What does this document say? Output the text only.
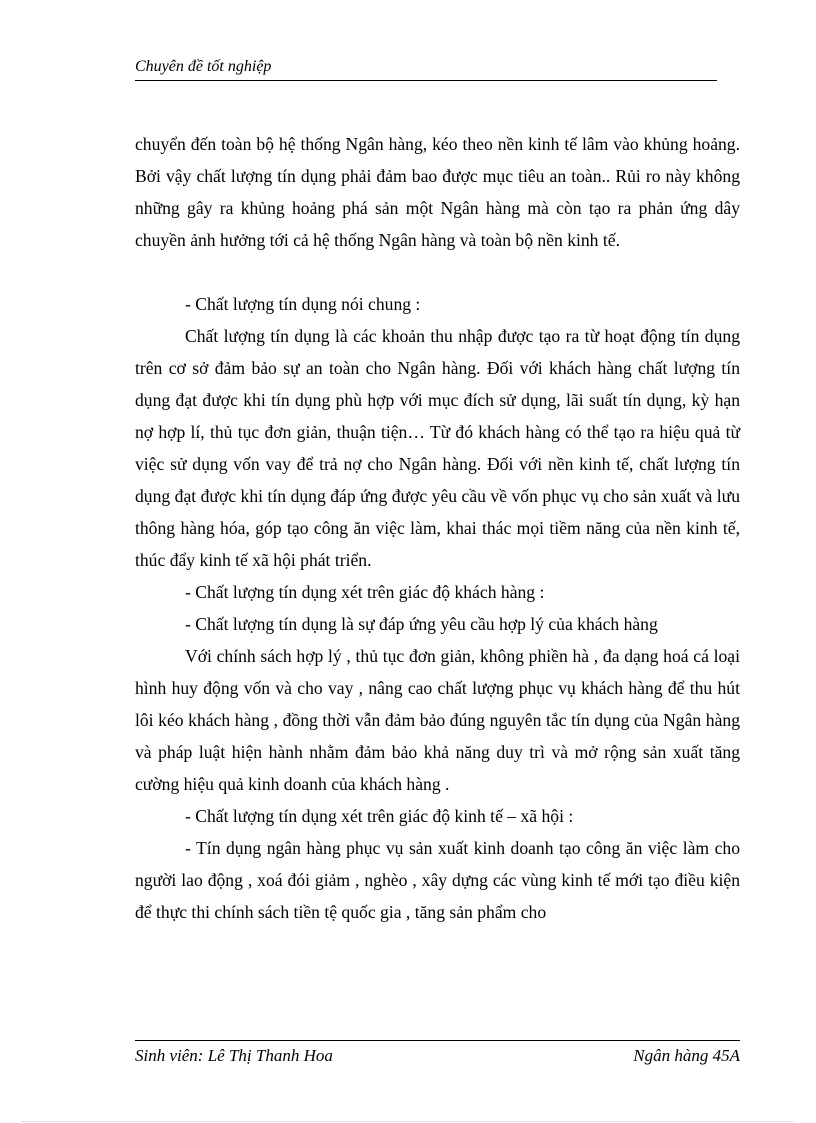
Chuyên đề tốt nghiệp

chuyển đến toàn bộ hệ thống Ngân hàng, kéo theo nền kinh tế lâm vào khủng hoảng. Bởi vậy chất lượng tín dụng phải đảm bao được mục tiêu an toàn.. Rủi ro này không những gây ra khủng hoảng phá sản một Ngân hàng mà còn tạo ra phản ứng dây chuyền ảnh hưởng tới cả hệ thống Ngân hàng và toàn bộ nền kinh tế.

- Chất lượng tín dụng nói chung :

Chất lượng tín dụng là các khoản thu nhập được tạo ra từ hoạt động tín dụng trên cơ sở đảm bảo sự an toàn cho Ngân hàng. Đối với khách hàng chất lượng tín dụng đạt được khi tín dụng phù hợp với mục đích sử dụng, lãi suất tín dụng, kỳ hạn nợ hợp lí, thủ tục đơn giản, thuận tiện… Từ đó khách hàng có thể tạo ra hiệu quả từ việc sử dụng vốn vay để trả nợ cho Ngân hàng. Đối với nền kinh tế, chất lượng tín dụng đạt được khi tín dụng đáp ứng được yêu cầu về vốn phục vụ cho sản xuất và lưu thông hàng hóa, góp tạo công ăn việc làm, khai thác mọi tiềm năng của nền kinh tế, thúc đẩy kinh tế xã hội phát triển.

- Chất lượng tín dụng xét trên giác độ khách hàng :

- Chất lượng tín dụng là sự đáp ứng yêu cầu hợp lý của khách hàng

Với chính sách hợp lý , thủ tục đơn giản, không phiền hà , đa dạng hoá cá loại hình huy động vốn và cho vay , nâng cao chất lượng phục vụ khách hàng để thu hút lôi kéo khách hàng , đồng thời vẫn đảm bảo đúng nguyên tắc tín dụng của Ngân hàng và pháp luật hiện hành nhằm đảm bảo khả năng duy trì và mở rộng sản xuất tăng cường hiệu quả kinh doanh của khách hàng .

- Chất lượng tín dụng xét trên giác độ kinh tế – xã hội :

- Tín dụng ngân hàng phục vụ sản xuất kinh doanh tạo công ăn việc làm cho người lao động , xoá đói giảm , nghèo , xây dựng các vùng kinh tế mới tạo điều kiện để thực thi chính sách tiền tệ quốc gia , tăng sản phẩm cho

Sinh viên: Lê Thị Thanh Hoa	Ngân hàng 45A
